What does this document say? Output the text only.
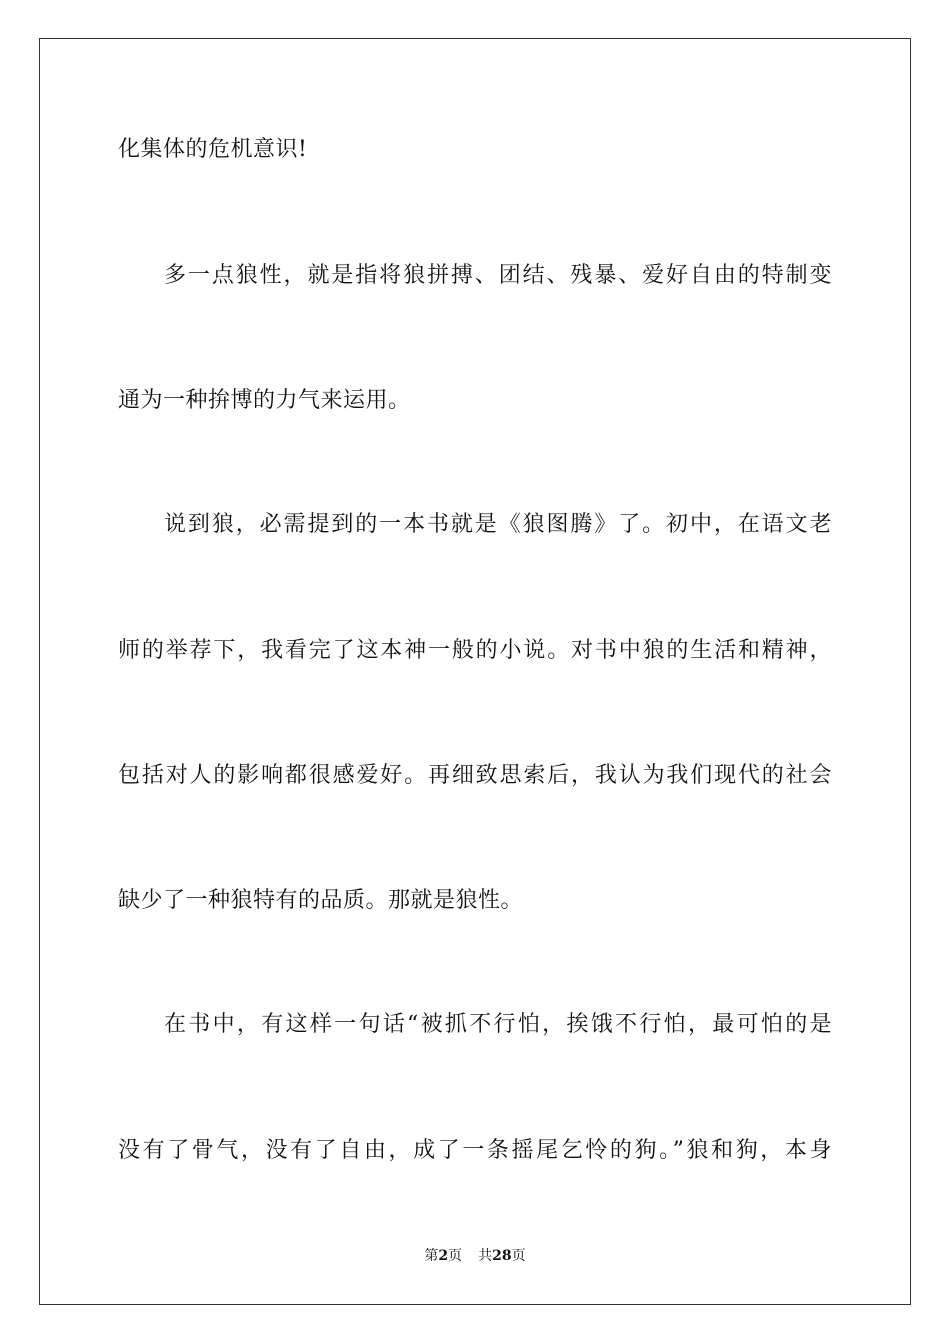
化集体的危机意识!
多一点狼性，就是指将狼拼搏、团结、残暴、爱好自由的特制变
通为一种拚博的力气来运用。
说到狼，必需提到的一本书就是《狼图腾》了。初中，在语文老
师的举荐下，我看完了这本神一般的小说。对书中狼的生活和精神，
包括对人的影响都很感爱好。再细致思索后，我认为我们现代的社会
缺少了一种狼特有的品质。那就是狼性。
在书中，有这样一句话“被抓不行怕，挨饿不行怕，最可怕的是
没有了骨气，没有了自由，成了一条摇尾乞怜的狗。”狼和狗，本身
第2页 共28页
